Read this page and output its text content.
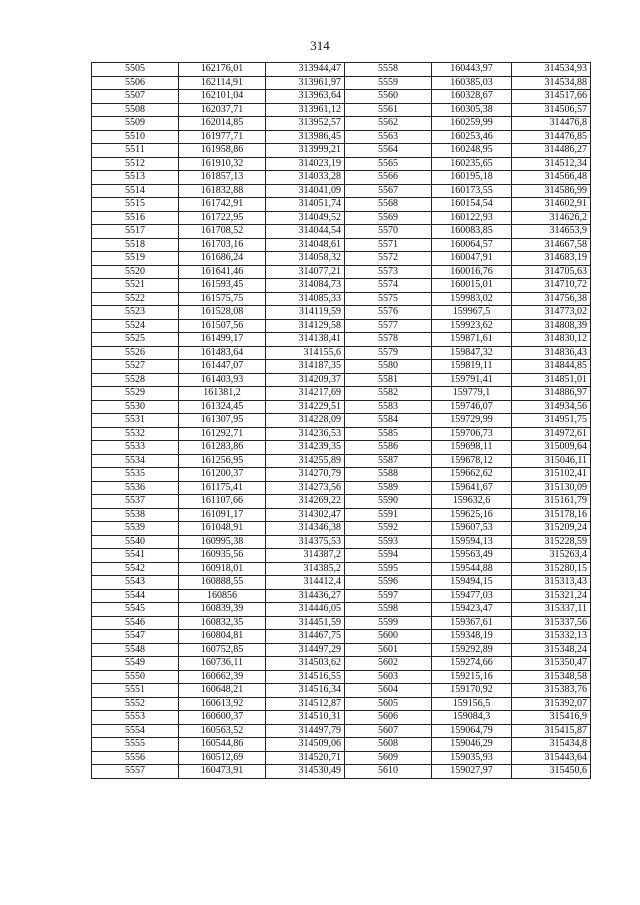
314
5505	162176,01	313944,47	5558	160443,97	314534,93
5506	162114,91	313961,97	5559	160385,03	314534,88
5507	162101,04	313963,64	5560	160328,67	314517,66
5508	162037,71	313961,12	5561	160305,38	314506,57
5509	162014,85	313952,57	5562	160259,99	314476,8
5510	161977,71	313986,45	5563	160253,46	314476,85
5511	161958,86	313999,21	5564	160248,95	314486,27
5512	161910,32	314023,19	5565	160235,65	314512,34
5513	161857,13	314033,28	5566	160195,18	314566,48
5514	161832,88	314041,09	5567	160173,55	314586,99
5515	161742,91	314051,74	5568	160154,54	314602,91
5516	161722,95	314049,52	5569	160122,93	314626,2
5517	161708,52	314044,54	5570	160083,85	314653,9
5518	161703,16	314048,61	5571	160064,57	314667,58
5519	161686,24	314058,32	5572	160047,91	314683,19
5520	161641,46	314077,21	5573	160016,76	314705,63
5521	161593,45	314084,73	5574	160015,01	314710,72
5522	161575,75	314085,33	5575	159983,02	314756,38
5523	161528,08	314119,59	5576	159967,5	314773,02
5524	161507,56	314129,58	5577	159923,62	314808,39
5525	161499,17	314138,41	5578	159871,61	314830,12
5526	161483,64	314155,6	5579	159847,32	314836,43
5527	161447,07	314187,35	5580	159819,11	314844,85
5528	161403,93	314209,37	5581	159791,41	314851,01
5529	161381,2	314217,69	5582	159779,1	314886,97
5530	161324,45	314229,51	5583	159746,07	314934,56
5531	161307,95	314228,09	5584	159729,99	314951,75
5532	161292,71	314236,53	5585	159706,73	314972,61
5533	161283,86	314239,35	5586	159698,11	315009,64
5534	161256,95	314255,89	5587	159678,12	315046,11
5535	161200,37	314270,79	5588	159662,62	315102,41
5536	161175,41	314273,56	5589	159641,67	315130,09
5537	161107,66	314269,22	5590	159632,6	315161,79
5538	161091,17	314302,47	5591	159625,16	315178,16
5539	161048,91	314346,38	5592	159607,53	315209,24
5540	160995,38	314375,53	5593	159594,13	315228,59
5541	160935,56	314387,2	5594	159563,49	315263,4
5542	160918,01	314385,2	5595	159544,88	315280,15
5543	160888,55	314412,4	5596	159494,15	315313,43
5544	160856	314436,27	5597	159477,03	315321,24
5545	160839,39	314446,05	5598	159423,47	315337,11
5546	160832,35	314451,59	5599	159367,61	315337,56
5547	160804,81	314467,75	5600	159348,19	315332,13
5548	160752,85	314497,29	5601	159292,89	315348,24
5549	160736,11	314503,62	5602	159274,66	315350,47
5550	160662,39	314516,55	5603	159215,16	315348,58
5551	160648,21	314516,34	5604	159170,92	315383,76
5552	160613,92	314512,87	5605	159156,5	315392,07
5553	160600,37	314510,31	5606	159084,3	315416,9
5554	160563,52	314497,79	5607	159064,79	315415,87
5555	160544,86	314509,06	5608	159046,29	315434,8
5556	160512,69	314520,71	5609	159035,93	315443,64
5557	160473,91	314530,49	5610	159027,97	315450,6
